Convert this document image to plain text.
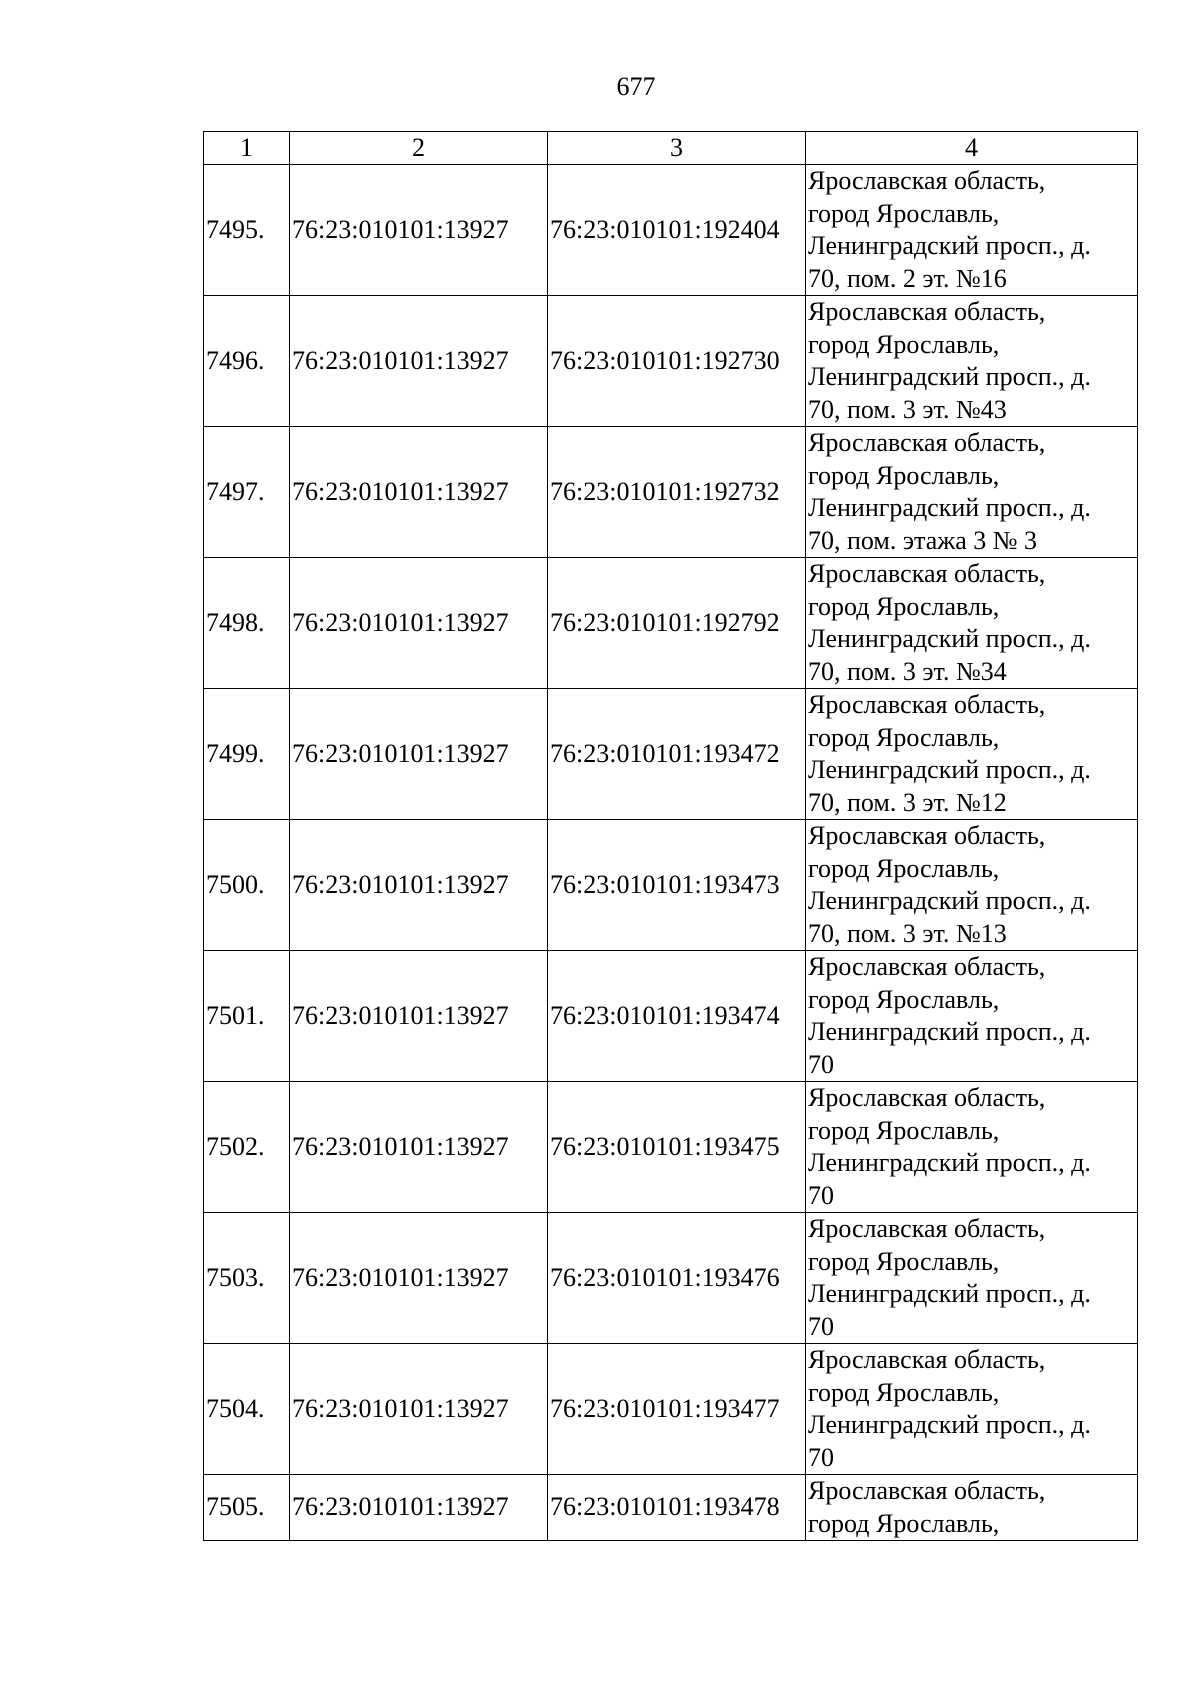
677
1	2	3	4
7495.	76:23:010101:13927	76:23:010101:192404	Ярославская область,
город Ярославль,
Ленинградский просп., д.
70, пом. 2 эт. №16

7496.	76:23:010101:13927	76:23:010101:192730	Ярославская область,
город Ярославль,
Ленинградский просп., д.
70, пом. 3 эт. №43

7497.	76:23:010101:13927	76:23:010101:192732	Ярославская область,
город Ярославль,
Ленинградский просп., д.
70, пом. этажа 3 № 3

7498.	76:23:010101:13927	76:23:010101:192792	Ярославская область,
город Ярославль,
Ленинградский просп., д.
70, пом. 3 эт. №34

7499.	76:23:010101:13927	76:23:010101:193472	Ярославская область,
город Ярославль,
Ленинградский просп., д.
70, пом. 3 эт. №12

7500.	76:23:010101:13927	76:23:010101:193473	Ярославская область,
город Ярославль,
Ленинградский просп., д.
70, пом. 3 эт. №13

7501.	76:23:010101:13927	76:23:010101:193474	Ярославская область,
город Ярославль,
Ленинградский просп., д.
70

7502.	76:23:010101:13927	76:23:010101:193475	Ярославская область,
город Ярославль,
Ленинградский просп., д.
70

7503.	76:23:010101:13927	76:23:010101:193476	Ярославская область,
город Ярославль,
Ленинградский просп., д.
70

7504.	76:23:010101:13927	76:23:010101:193477	Ярославская область,
город Ярославль,
Ленинградский просп., д.
70

7505.	76:23:010101:13927	76:23:010101:193478	Ярославская область,
город Ярославль,
